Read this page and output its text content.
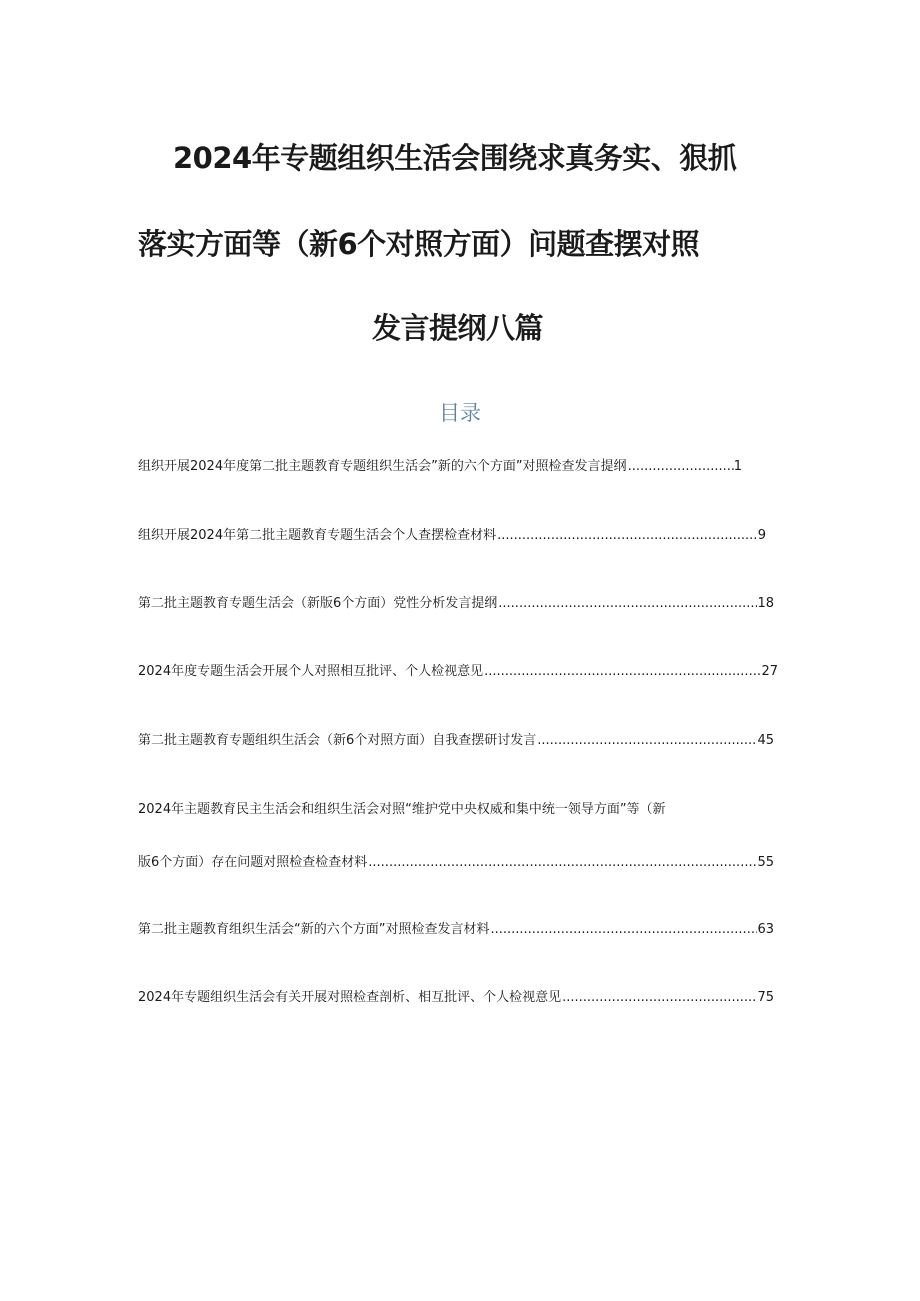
2024年专题组织生活会围绕求真务实、狠抓
落实方面等（新6个对照方面）问题查摆对照
发言提纲八篇
目录
组织开展2024年度第二批主题教育专题组织生活会”新的六个方面”对照检查发言提纲 .....	1
组织开展2024年第二批主题教育专题生活会个人查摆检查材料 .....	9
第二批主题教育专题生活会（新版6个方面）党性分析发言提纲 .....	18
2024年度专题生活会开展个人对照相互批评、个人检视意见 .....	27
第二批主题教育专题组织生活会（新6个对照方面）自我查摆研讨发言 .....	45
2024年主题教育民主生活会和组织生活会对照“维护党中央权威和集中统一领导方面”等（新
版6个方面）存在问题对照检查检查材料 .....	55
第二批主题教育组织生活会“新的六个方面”对照检查发言材料 .....	63
2024年专题组织生活会有关开展对照检查剖析、相互批评、个人检视意见 .....	75
